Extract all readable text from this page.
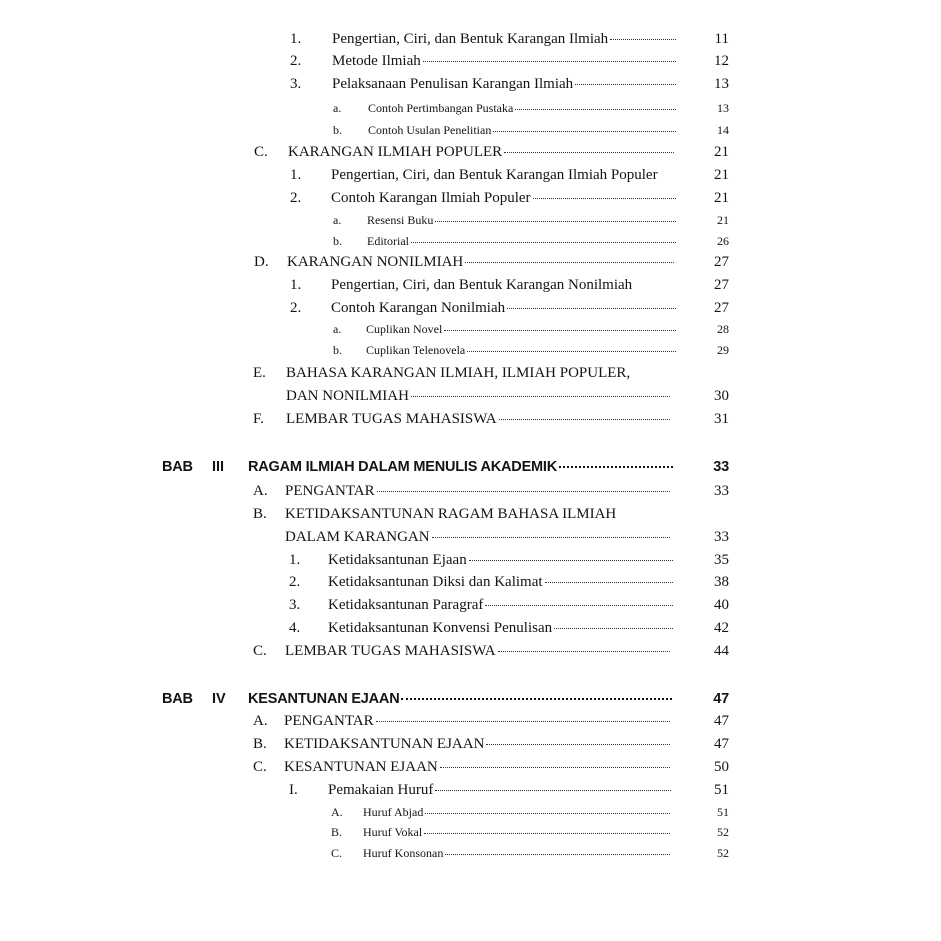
1. Pengertian, Ciri, dan Bentuk Karangan Ilmiah	11
2. Metode Ilmiah	12
3. Pelaksanaan Penulisan Karangan Ilmiah	13
a. Contoh Pertimbangan Pustaka	13
b. Contoh Usulan Penelitian	14
C. KARANGAN ILMIAH POPULER	21
1. Pengertian, Ciri, dan Bentuk Karangan Ilmiah Populer	21
2. Contoh Karangan Ilmiah Populer	21
a. Resensi Buku	21
b. Editorial	26
D. KARANGAN NONILMIAH	27
1. Pengertian, Ciri, dan Bentuk Karangan Nonilmiah	27
2. Contoh Karangan Nonilmiah	27
a. Cuplikan Novel	28
b. Cuplikan Telenovela	29
E. BAHASA KARANGAN ILMIAH, ILMIAH POPULER,
DAN NONILMIAH	30
F. LEMBAR TUGAS MAHASISWA	31
BAB III RAGAM ILMIAH DALAM MENULIS AKADEMIK	33
A. PENGANTAR	33
B. KETIDAKSANTUNAN RAGAM BAHASA ILMIAH
DALAM KARANGAN	33
1. Ketidaksantunan Ejaan	35
2. Ketidaksantunan Diksi dan Kalimat	38
3. Ketidaksantunan Paragraf	40
4. Ketidaksantunan Konvensi Penulisan	42
C. LEMBAR TUGAS MAHASISWA	44
BAB IV KESANTUNAN EJAAN	47
A. PENGANTAR	47
B. KETIDAKSANTUNAN EJAAN	47
C. KESANTUNAN EJAAN	50
I. Pemakaian Huruf	51
A. Huruf Abjad	51
B. Huruf Vokal	52
C. Huruf Konsonan	52
